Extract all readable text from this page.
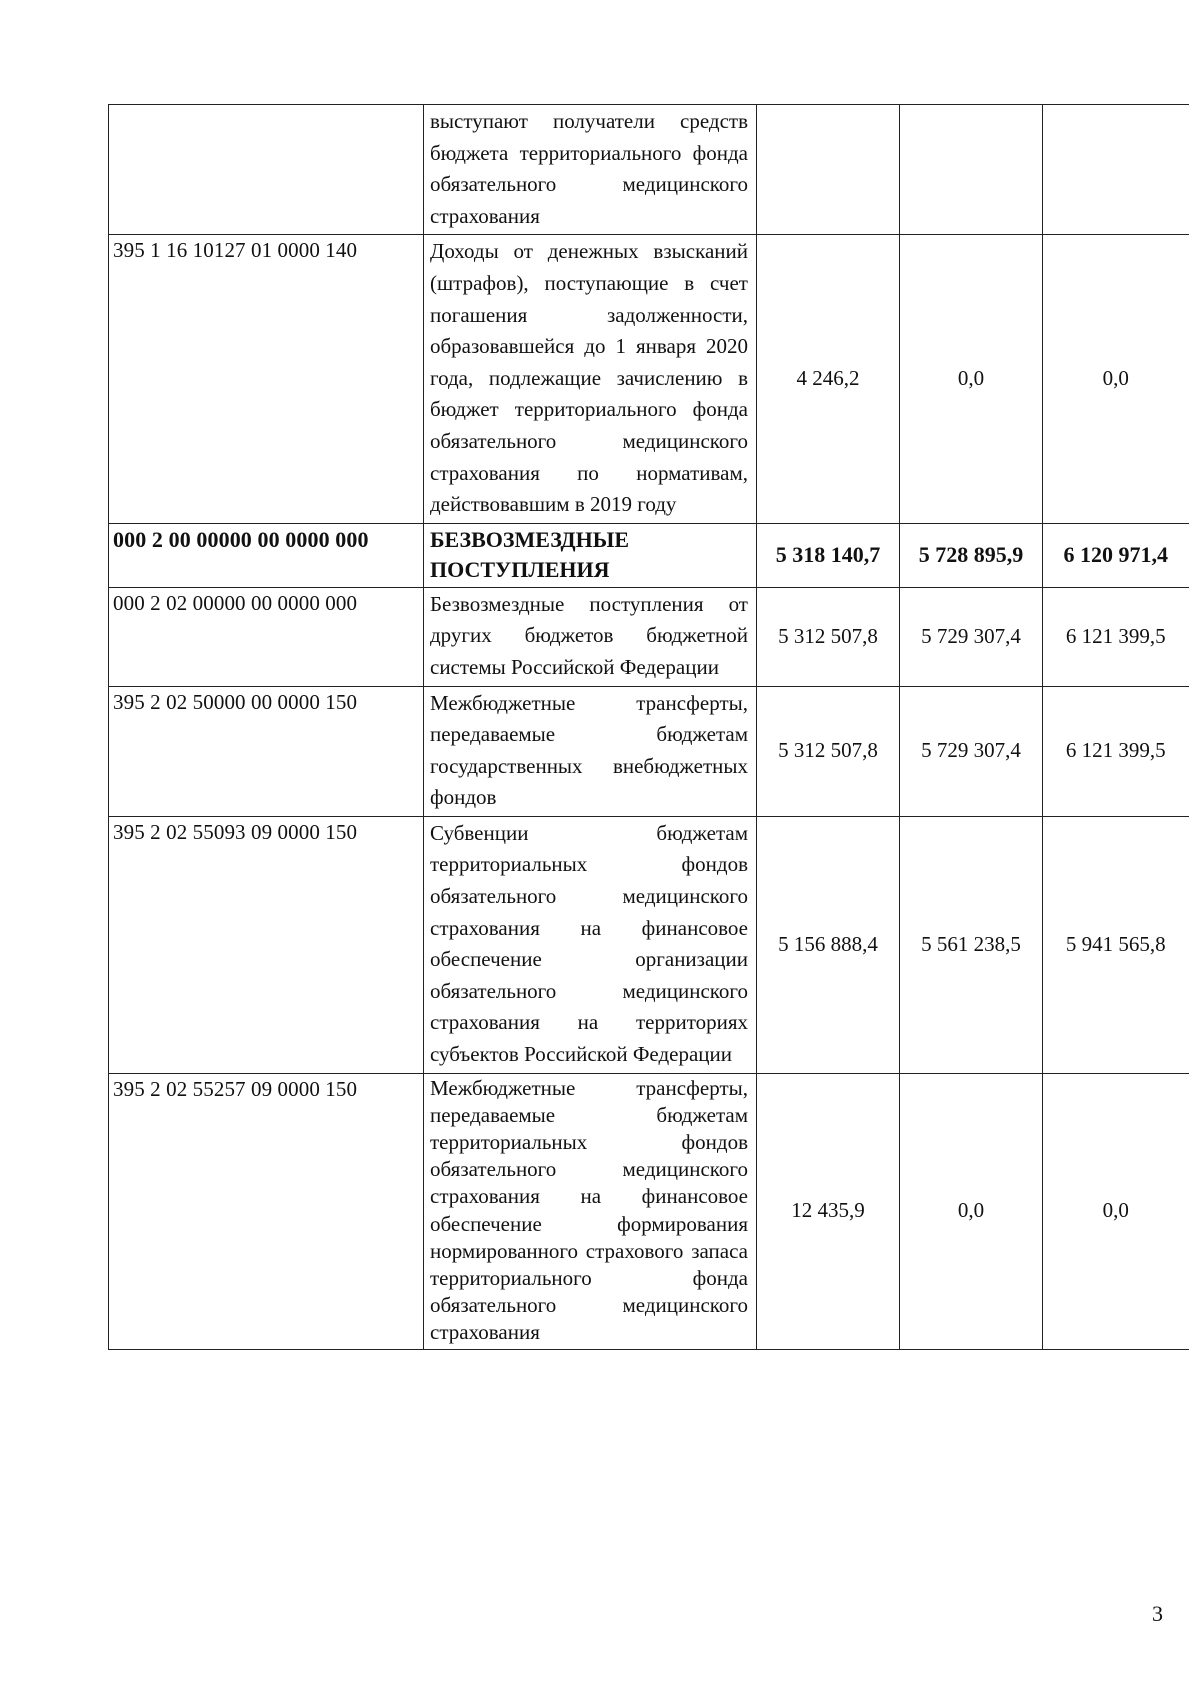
	выступают получатели средств бюджета территориального фонда обязательного медицинского страхования			
395 1 16 10127 01 0000 140	Доходы от денежных взысканий (штрафов), поступающие в счет погашения задолженности, образовавшейся до 1 января 2020 года, подлежащие зачислению в бюджет территориального фонда обязательного медицинского страхования по нормативам, действовавшим в 2019 году	4 246,2	0,0	0,0
000 2 00 00000 00 0000 000	БЕЗВОЗМЕЗДНЫЕ ПОСТУПЛЕНИЯ	5 318 140,7	5 728 895,9	6 120 971,4
000 2 02 00000 00 0000 000	Безвозмездные поступления от других бюджетов бюджетной системы Российской Федерации	5 312 507,8	5 729 307,4	6 121 399,5
395 2 02 50000 00 0000 150	Межбюджетные трансферты, передаваемые бюджетам государственных внебюджетных фондов	5 312 507,8	5 729 307,4	6 121 399,5
395 2 02 55093 09 0000 150	Субвенции бюджетам территориальных фондов обязательного медицинского страхования на финансовое обеспечение организации обязательного медицинского страхования на территориях субъектов Российской Федерации	5 156 888,4	5 561 238,5	5 941 565,8
395 2 02 55257 09 0000 150	Межбюджетные трансферты, передаваемые бюджетам территориальных фондов обязательного медицинского страхования на финансовое обеспечение формирования нормированного страхового запаса территориального фонда обязательного медицинского страхования	12 435,9	0,0	0,0
3
